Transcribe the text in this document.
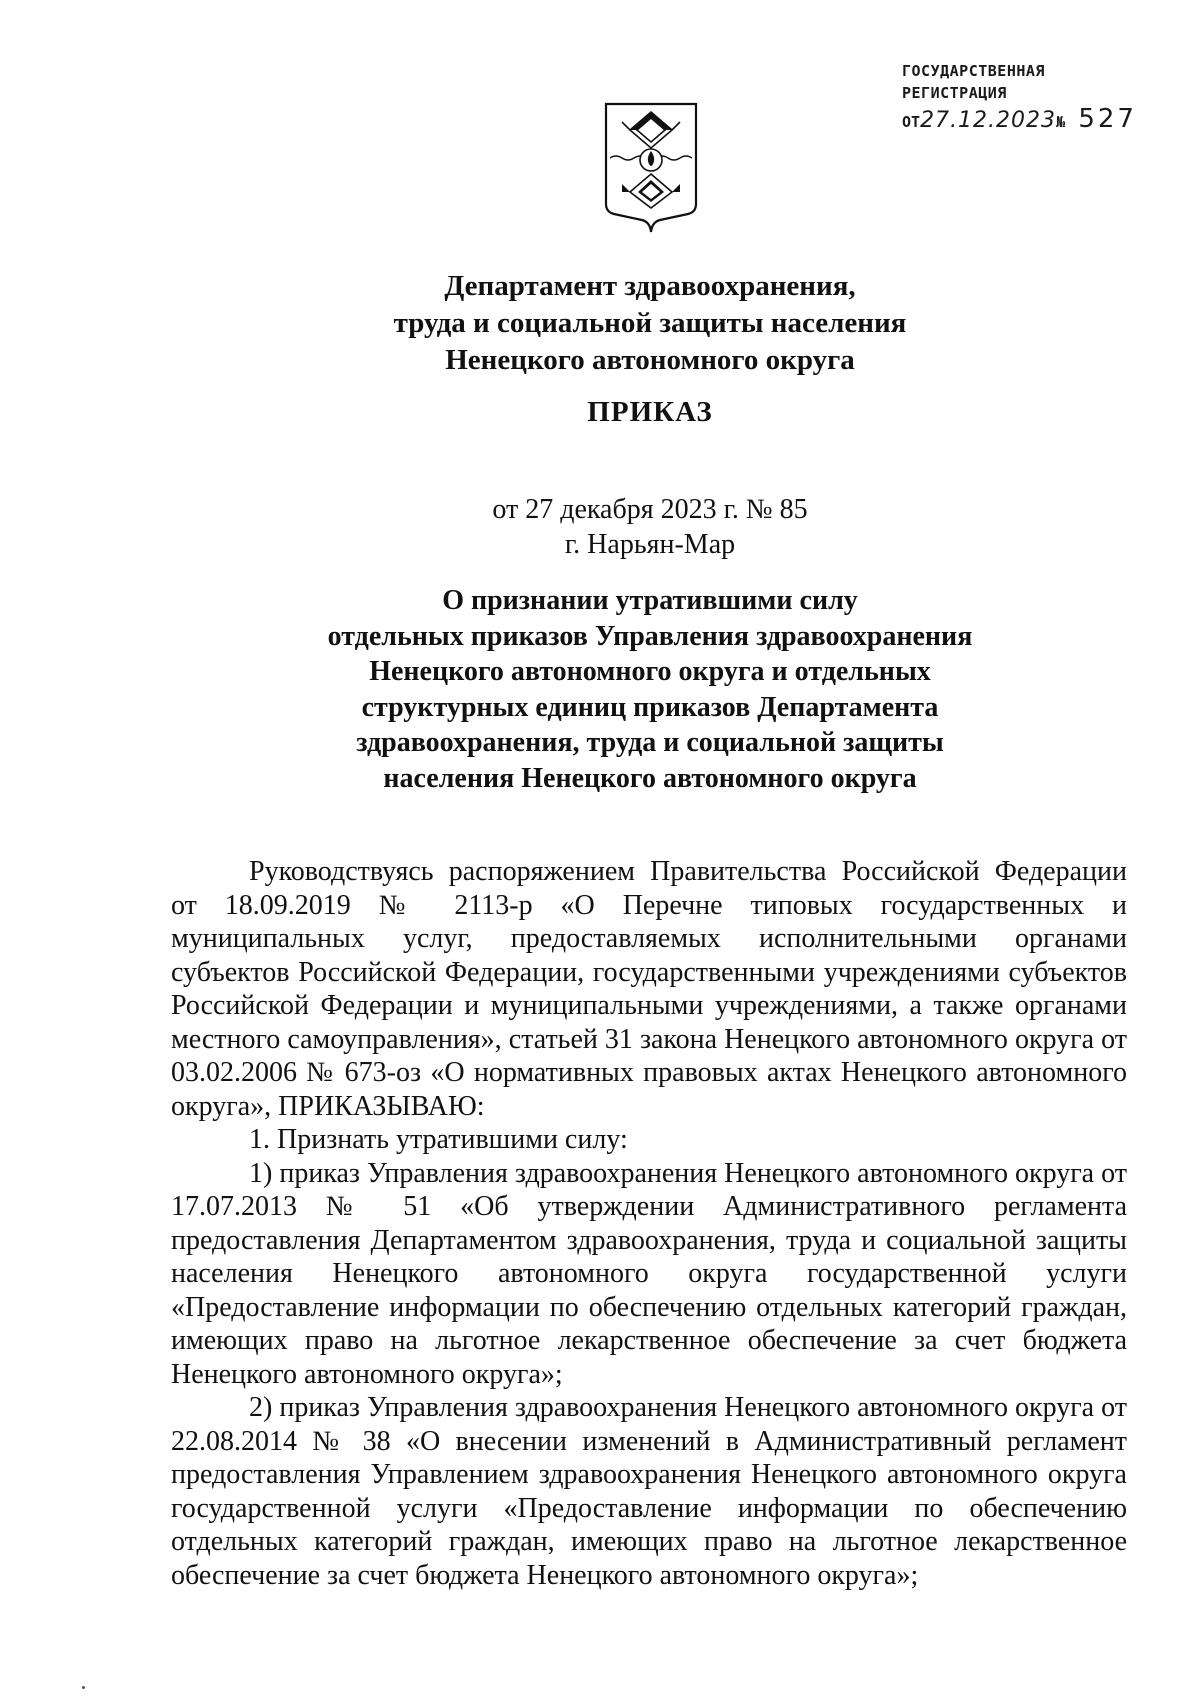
ГОСУДАРСТВЕННАЯ
РЕГИСТРАЦИЯ
ОТ27.12.2023№ 527
Департамент здравоохранения,
труда и социальной защиты населения
Ненецкого автономного округа
ПРИКАЗ
от 27 декабря 2023 г. № 85
г. Нарьян-Мар
О признании утратившими силу
отдельных приказов Управления здравоохранения
Ненецкого автономного округа и отдельных
структурных единиц приказов Департамента
здравоохранения, труда и социальной защиты
населения Ненецкого автономного округа

Руководствуясь распоряжением Правительства Российской Федерации от 18.09.2019 № 2113-р «О Перечне типовых государственных и муниципальных услуг, предоставляемых исполнительными органами субъектов Российской Федерации, государственными учреждениями субъектов Российской Федерации и муниципальными учреждениями, а также органами местного самоуправления», статьей 31 закона Ненецкого автономного округа от 03.02.2006 № 673-оз «О нормативных правовых актах Ненецкого автономного округа», ПРИКАЗЫВАЮ:

1. Признать утратившими силу:

1) приказ Управления здравоохранения Ненецкого автономного округа от 17.07.2013 № 51 «Об утверждении Административного регламента предоставления Департаментом здравоохранения, труда и социальной защиты населения Ненецкого автономного округа государственной услуги «Предоставление информации по обеспечению отдельных категорий граждан, имеющих право на льготное лекарственное обеспечение за счет бюджета Ненецкого автономного округа»;

2) приказ Управления здравоохранения Ненецкого автономного округа от 22.08.2014 № 38 «О внесении изменений в Административный регламент предоставления Управлением здравоохранения Ненецкого автономного округа государственной услуги «Предоставление информации по обеспечению отдельных категорий граждан, имеющих право на льготное лекарственное обеспечение за счет бюджета Ненецкого автономного округа»;
